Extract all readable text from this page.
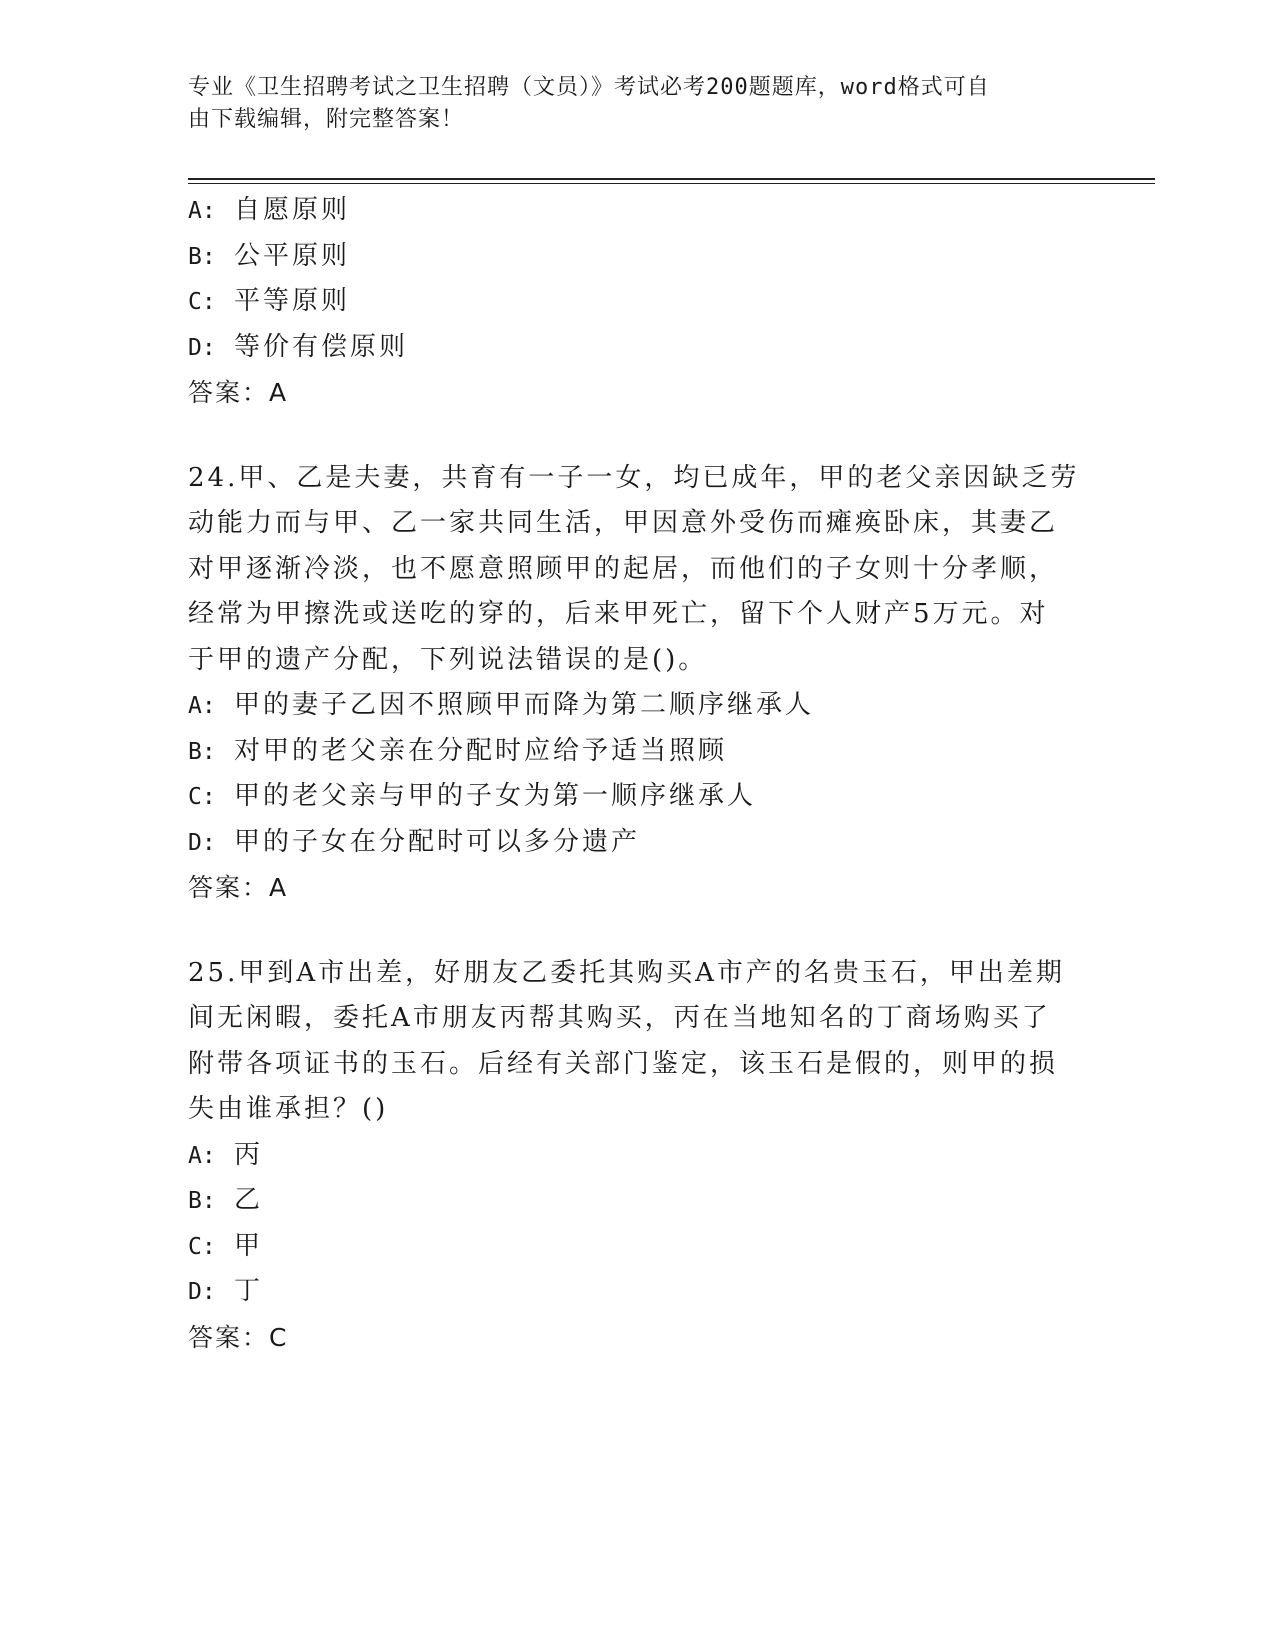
专业《卫生招聘考试之卫生招聘（文员）》考试必考200题题库，word格式可自
由下载编辑，附完整答案！
A: 自愿原则
B: 公平原则
C: 平等原则
D: 等价有偿原则
答案：A
24.甲、乙是夫妻，共育有一子一女，均已成年，甲的老父亲因缺乏劳
动能力而与甲、乙一家共同生活，甲因意外受伤而瘫痪卧床，其妻乙
对甲逐渐冷淡，也不愿意照顾甲的起居，而他们的子女则十分孝顺，
经常为甲擦洗或送吃的穿的，后来甲死亡，留下个人财产5万元。对
于甲的遗产分配，下列说法错误的是()。
A: 甲的妻子乙因不照顾甲而降为第二顺序继承人
B: 对甲的老父亲在分配时应给予适当照顾
C: 甲的老父亲与甲的子女为第一顺序继承人
D: 甲的子女在分配时可以多分遗产
答案：A
25.甲到A市出差，好朋友乙委托其购买A市产的名贵玉石，甲出差期
间无闲暇，委托A市朋友丙帮其购买，丙在当地知名的丁商场购买了
附带各项证书的玉石。后经有关部门鉴定，该玉石是假的，则甲的损
失由谁承担？()
A: 丙
B: 乙
C: 甲
D: 丁
答案：C
